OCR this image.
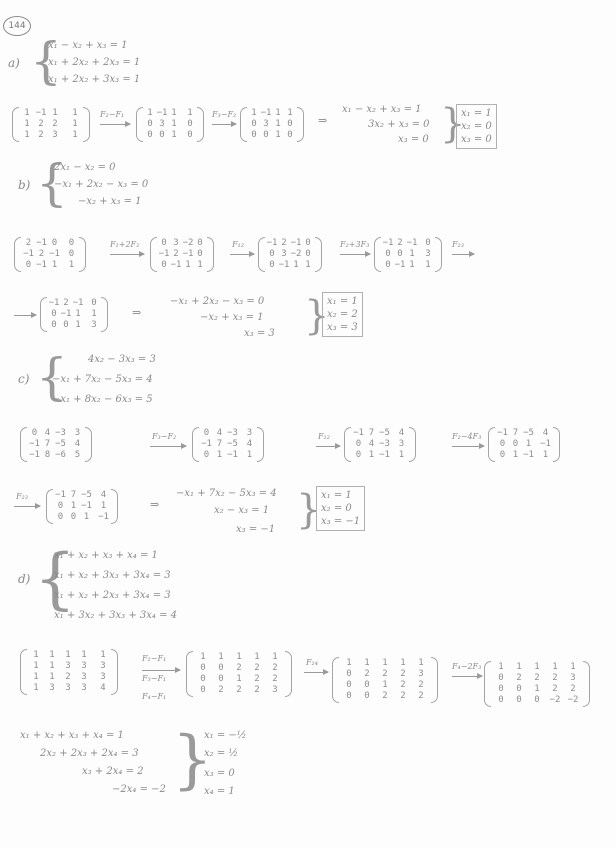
144
a) {
x₁ − x₂ + x₃ = 1
x₁ + 2x₂ + 2x₃ = 1
x₁ + 2x₂ + 3x₃ = 1
1 −1 1	1
1 2 2	1
1 2 3	1
F₂−F₁	1 −1 1	1
0 3 1	0
0 0 1	0
F₃−F₂	1 −1 1 1
0 3 1 0
0 0 1 0
⇒
x₁ − x₂ + x₃ = 1
3x₂ + x₃ = 0
x₃ = 0 {
x₁ = 1
x₂ = 0
x₃ = 0
b) {
2x₁ − x₂ = 0
−x₁ + 2x₂ − x₃ = 0
−x₂ + x₃ = 1
2 −1 0	0
−1 2 −1 0
0 −1 1	1
F₁+2F₂	0 3 −2 0
−1 2 −1 0
0 −1 1 1
F₁₂	−1 2 −1 0
0 3 −2 0
0 −1 1 1
F₂+3F₃ −1 2 −1 0
0 0 1	3
0 −1 1	1
F₂₃
−1 2 −1 0
0 −1 1	1
0 0 1	3
⇒
−x₁ + 2x₂ − x₃ = 0
−x₂ + x₃ = 1
x₃ = 3 {
x₁ = 1
x₂ = 2
x₃ = 3
c) { 4x₂ − 3x₃ = 3
−x₁ + 7x₂ − 5x₃ = 4
−x₁ + 8x₂ − 6x₃ = 5
0 4 −3 3
−1 7 −5 4
−1 8 −6 5
F₃−F₂	0 4 −3 3
−1 7 −5 4
0 1 −1 1
F₁₂	−1 7 −5 4
0 4 −3 3
0 1 −1 1
F₂−4F₃ −1 7 −5 4
0 0 1 −1
0 1 −1 1
F₂₃	−1 7 −5 4
0 1 −1 1
0 0 1 −1
⇒
−x₁ + 7x₂ − 5x₃ = 4
x₂ − x₃ = 1
x₃ = −1 { x₁ = 1
x₂ = 0
x₃ = −1
d) {
x₁ + x₂ + x₃ + x₄ = 1
x₁ + x₂ + 3x₃ + 3x₄ = 3
x₁ + x₂ + 2x₃ + 3x₄ = 3
x₁ + 3x₂ + 3x₃ + 3x₄ = 4
1	1	1	1	1
1	1	3	3	3
1	1	2	3	3
1	3	3	3	4
F₂−F₁
F₃−F₁
F₄−F₁
1	1	1	1	1
0	0	2	2	2
0	0	1	2	2
0	2	2	2	3
F₂₄	1	1	1	1	1
0	2	2	2	3
0	0	1	2	2
0	0	2	2	2
F₄−2F₃	1	1	1	1	1
0	2	2	2	3
0	0	1	2	2
0	0	0	−2 −2
x₁ + x₂ + x₃ + x₄ = 1
2x₂ + 2x₃ + 2x₄ = 3
x₃ + 2x₄ = 2
−2x₄ = −2 {
x₁ = −½
x₂ = ½
x₃ = 0
x₄ = 1
